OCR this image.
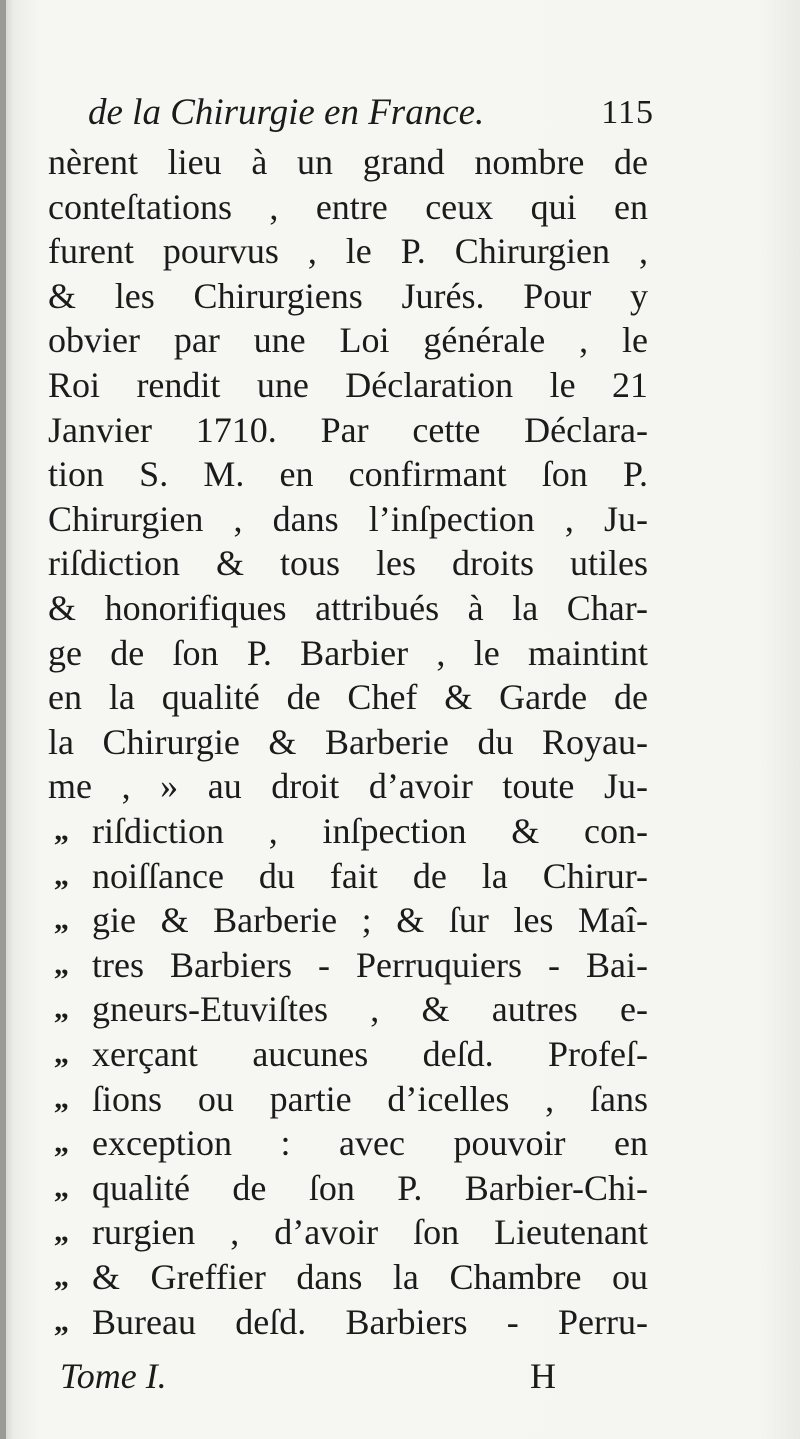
de la Chirurgie en France.	115
nèrent lieu à un grand nombre de
conteſtations , entre ceux qui en
furent pourvus , le P. Chirurgien ,
& les Chirurgiens Jurés. Pour y
obvier par une Loi générale , le
Roi rendit une Déclaration le 21
Janvier 1710. Par cette Déclara-
tion S. M. en confirmant ſon P.
Chirurgien , dans l’inſpection , Ju-
riſdiction & tous les droits utiles
& honorifiques attribués à la Char-
ge de ſon P. Barbier , le maintint
en la qualité de Chef & Garde de
la Chirurgie & Barberie du Royau-
me , » au droit d’avoir toute Ju-
„ riſdiction , inſpection & con-
„ noiſſance du fait de la Chirur-
„ gie & Barberie ; & ſur les Maî-
„ tres Barbiers - Perruquiers - Bai-
„ gneurs-Etuviſtes , & autres e-
„ xerçant aucunes deſd. Profeſ-
„ ſions ou partie d’icelles , ſans
„ exception : avec pouvoir en
„ qualité de ſon P. Barbier-Chi-
„ rurgien , d’avoir ſon Lieutenant
„ & Greffier dans la Chambre ou
„ Bureau deſd. Barbiers - Perru-
Tome I.	H
